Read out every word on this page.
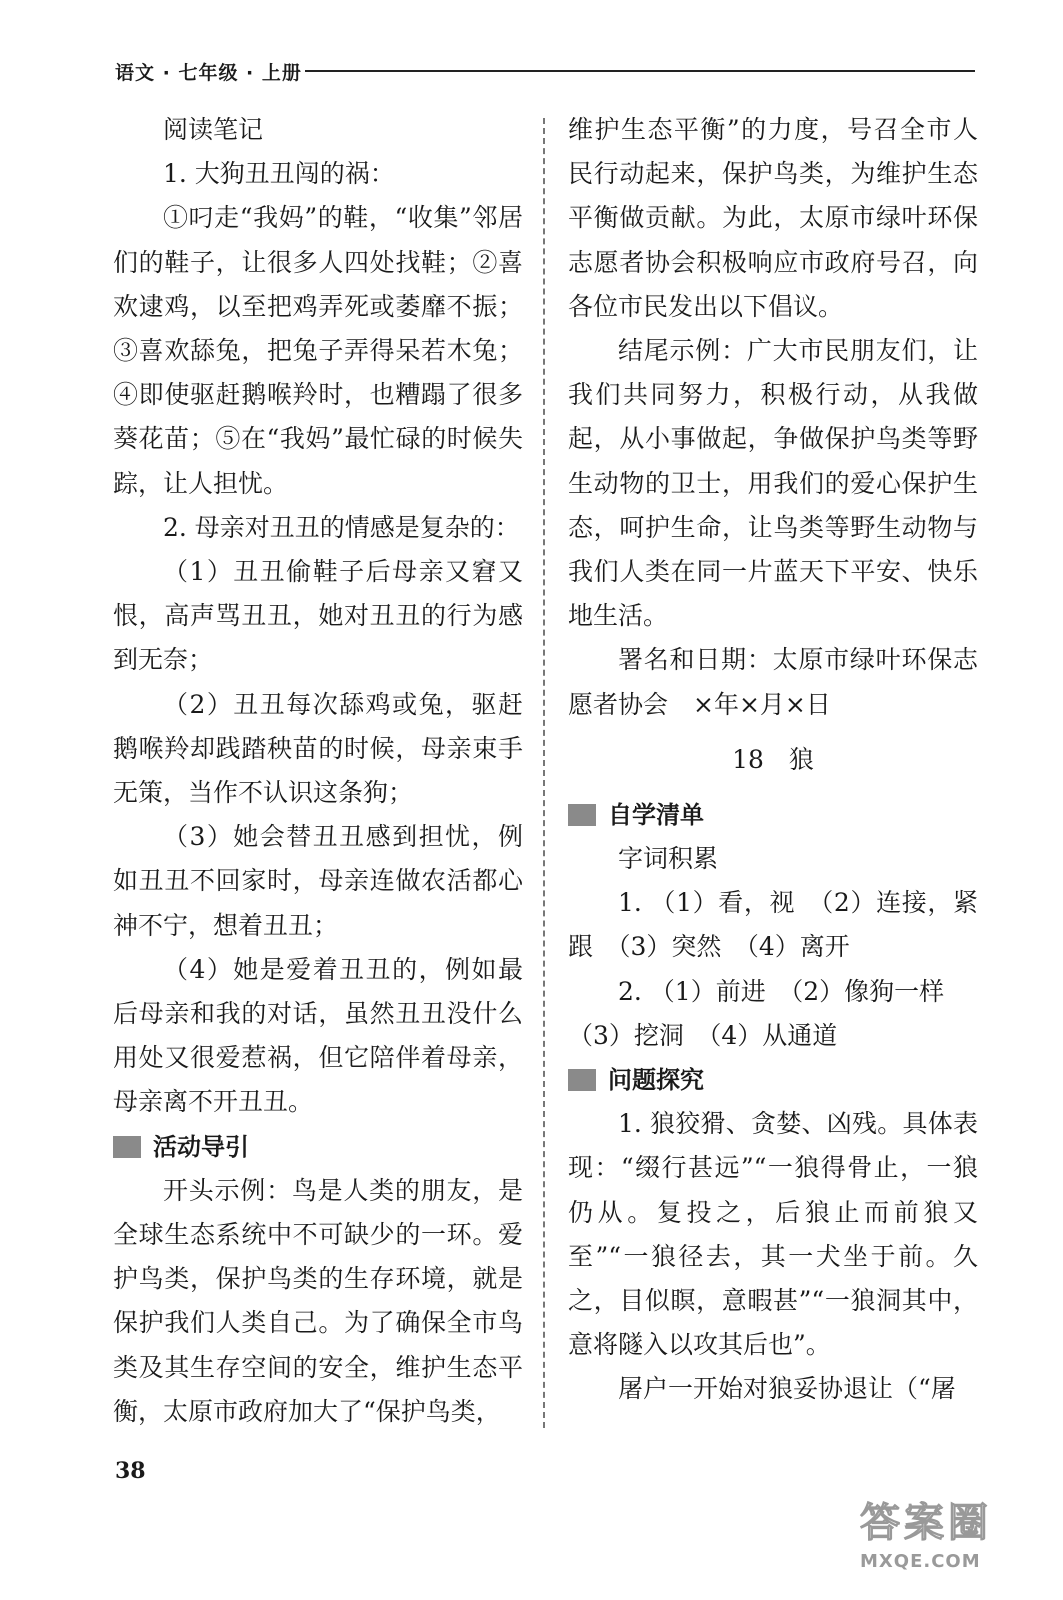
语文 · 七年级 · 上册

阅读笔记

1. 大狗丑丑闯的祸：

①叼走“我妈”的鞋，“收集”邻居们的鞋子，让很多人四处找鞋；②喜欢逮鸡，以至把鸡弄死或萎靡不振；③喜欢舔兔，把兔子弄得呆若木兔；④即使驱赶鹅喉羚时，也糟蹋了很多葵花苗；⑤在“我妈”最忙碌的时候失踪，让人担忧。

2. 母亲对丑丑的情感是复杂的：

（1）丑丑偷鞋子后母亲又窘又恨，高声骂丑丑，她对丑丑的行为感到无奈；

（2）丑丑每次舔鸡或兔，驱赶鹅喉羚却践踏秧苗的时候，母亲束手无策，当作不认识这条狗；

（3）她会替丑丑感到担忧，例如丑丑不回家时，母亲连做农活都心神不宁，想着丑丑；

（4）她是爱着丑丑的，例如最后母亲和我的对话，虽然丑丑没什么用处又很爱惹祸，但它陪伴着母亲，母亲离不开丑丑。

活动导引

开头示例：鸟是人类的朋友，是全球生态系统中不可缺少的一环。爱护鸟类，保护鸟类的生存环境，就是保护我们人类自己。为了确保全市鸟类及其生存空间的安全，维护生态平衡，太原市政府加大了“保护鸟类，

维护生态平衡”的力度，号召全市人民行动起来，保护鸟类，为维护生态平衡做贡献。为此，太原市绿叶环保志愿者协会积极响应市政府号召，向各位市民发出以下倡议。

结尾示例：广大市民朋友们，让我们共同努力，积极行动，从我做起，从小事做起，争做保护鸟类等野生动物的卫士，用我们的爱心保护生态，呵护生命，让鸟类等野生动物与我们人类在同一片蓝天下平安、快乐地生活。

署名和日期：太原市绿叶环保志愿者协会　×年×月×日

18　狼
自学清单

字词积累

1. （1）看，视　（2）连接，紧跟　（3）突然　（4）离开

2. （1）前进　（2）像狗一样

（3）挖洞　（4）从通道

问题探究

1. 狼狡猾、贪婪、凶残。具体表现：“缀行甚远”“一狼得骨止，一狼仍从。复投之，后狼止而前狼又至”“一狼径去，其一犬坐于前。久之，目似瞑，意暇甚”“一狼洞其中，意将隧入以攻其后也”。

屠户一开始对狼妥协退让（“屠

38
答案圈
MXQE.COM
